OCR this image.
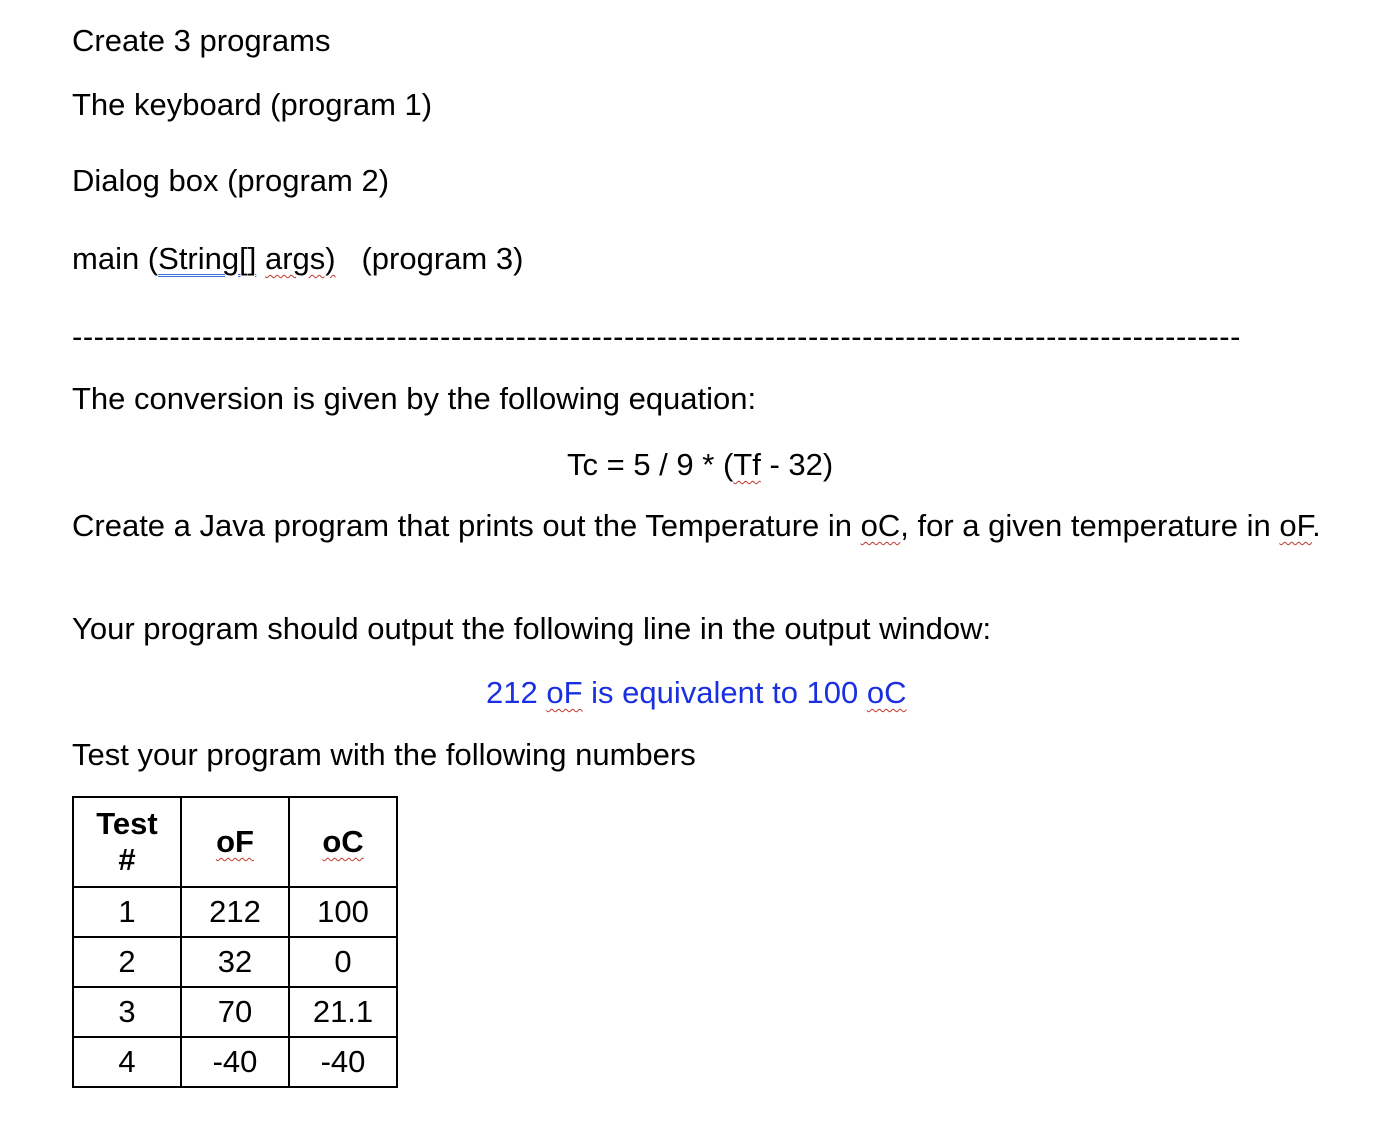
Create 3 programs
The keyboard (program 1)
Dialog box (program 2)
main (String[] args)   (program 3)
------------------------------------------------------------------------------------------------------------
The conversion is given by the following equation:
Tc = 5 / 9 * (Tf - 32)
Create a Java program that prints out the Temperature in oC, for a given temperature in oF.
Your program should output the following line in the output window:
212 oF is equivalent to 100 oC
Test your program with the following numbers
Test
#	oF	oC
1	212	100
2	32	0
3	70	21.1
4	-40	-40
